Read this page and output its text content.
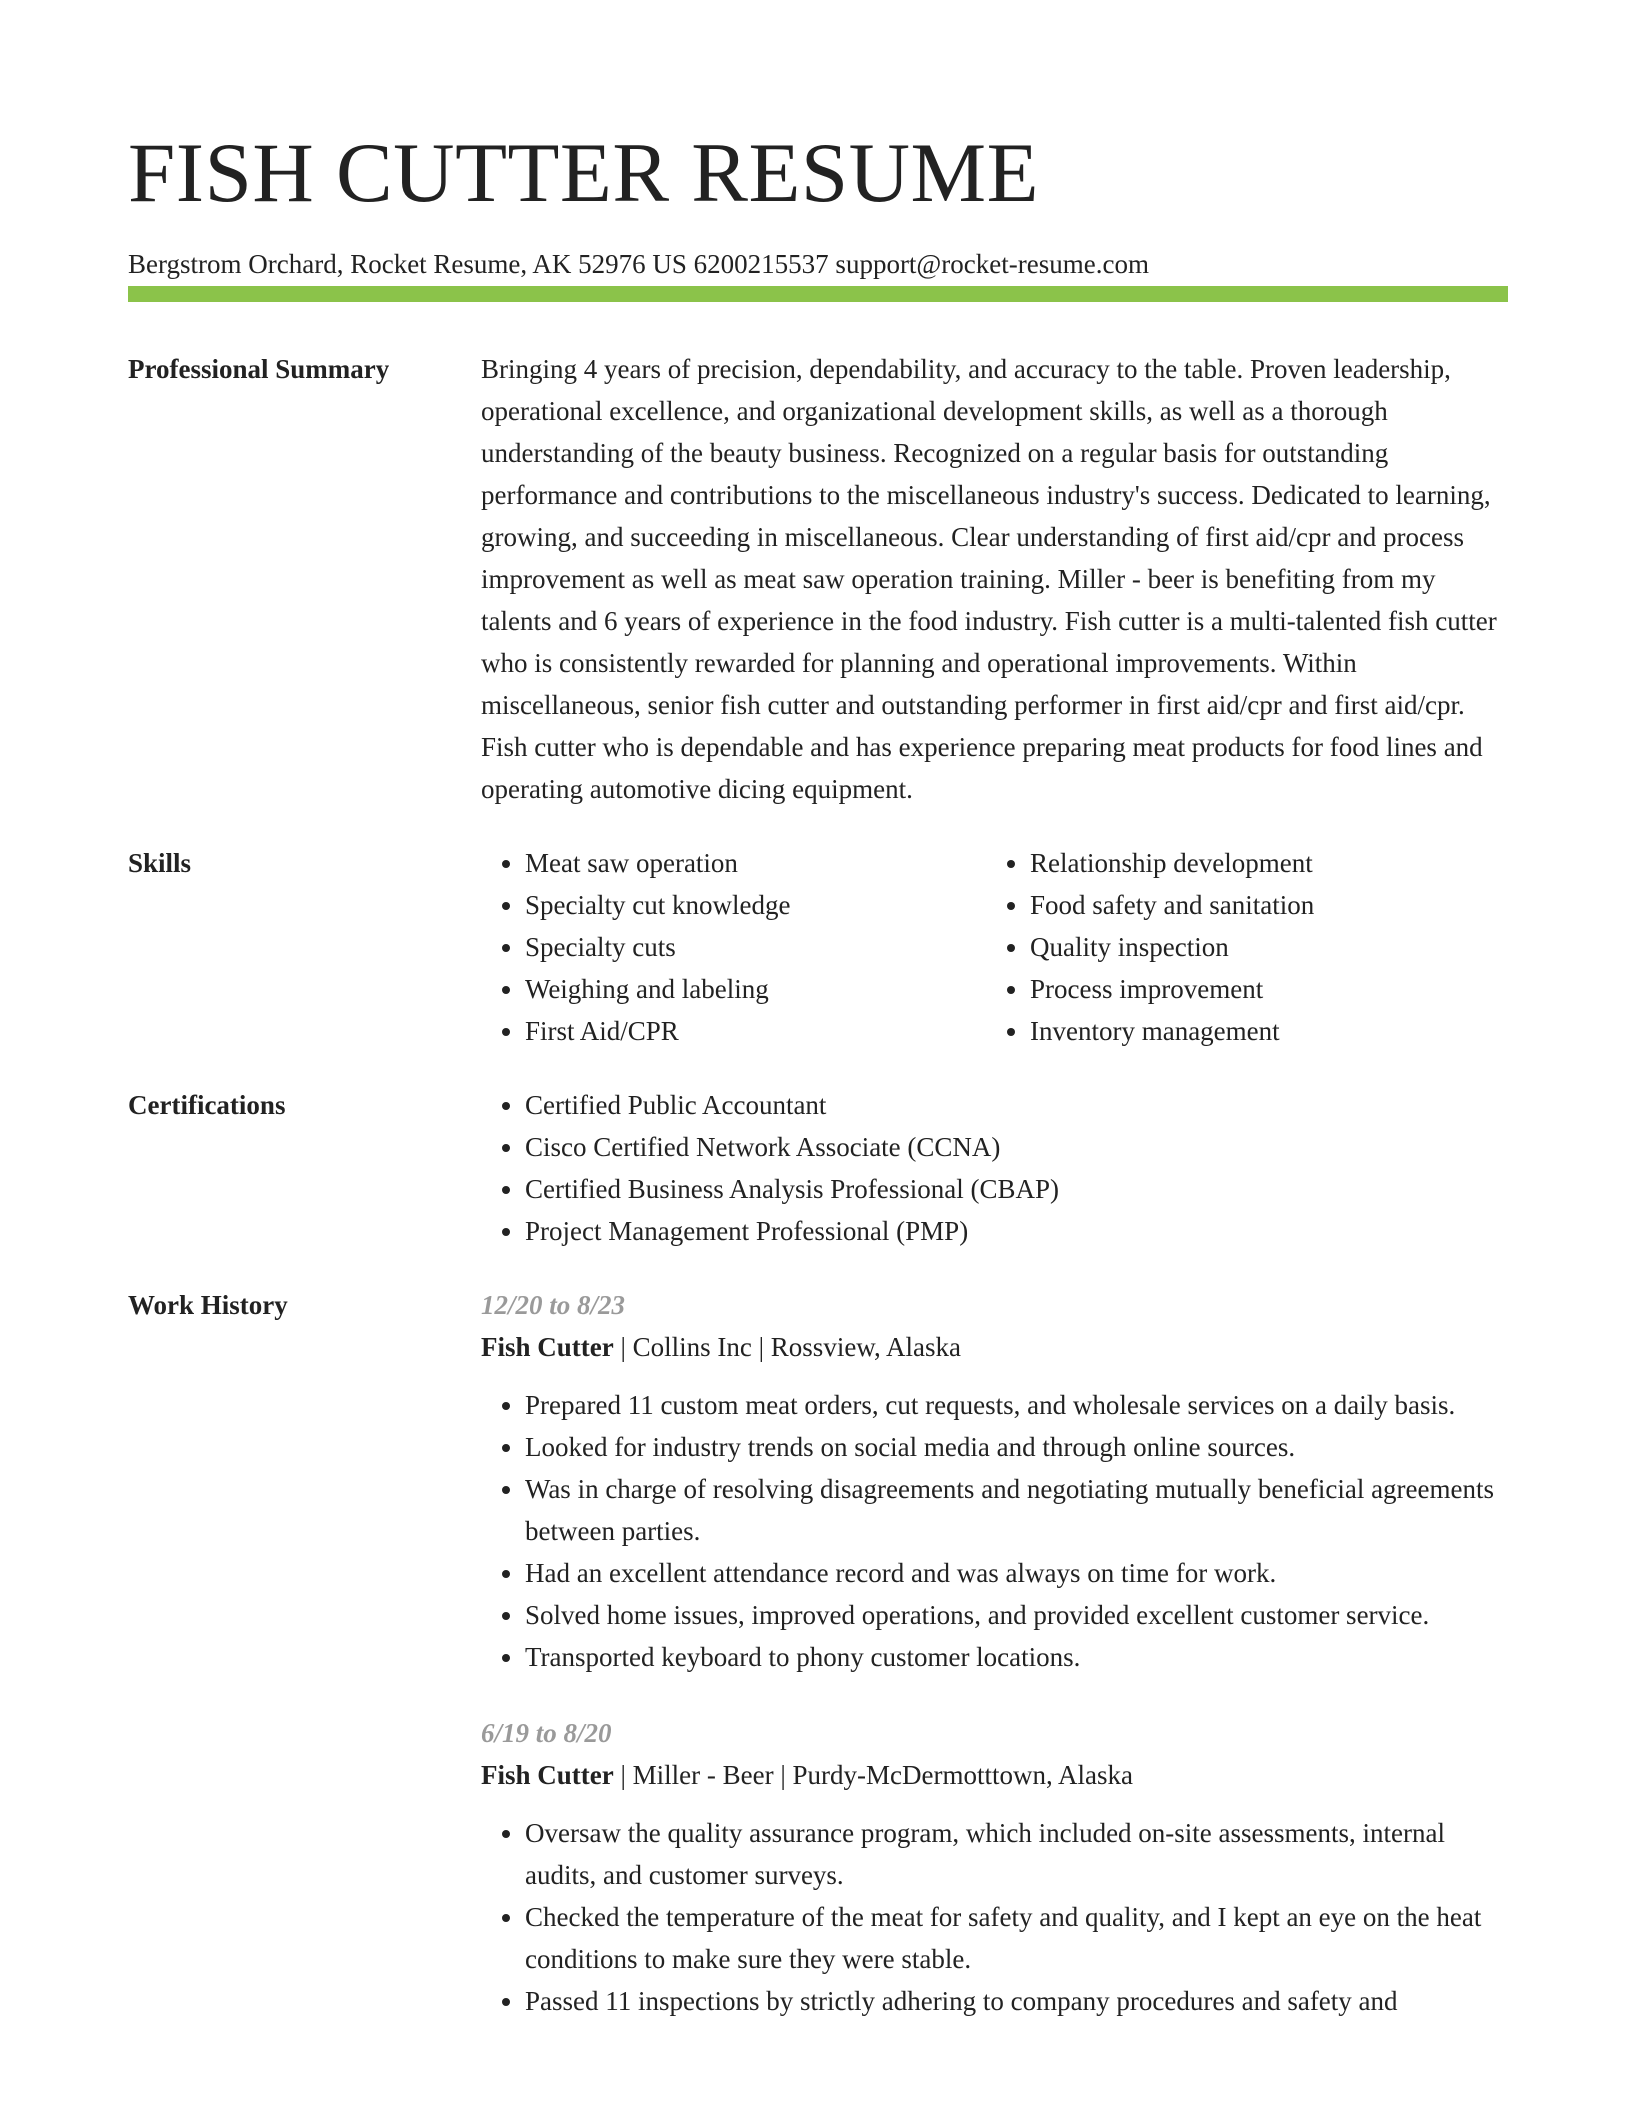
FISH CUTTER RESUME
Bergstrom Orchard, Rocket Resume, AK 52976 US 6200215537 support@rocket-resume.com
Professional Summary	Bringing 4 years of precision, dependability, and accuracy to the table. Proven leadership, operational excellence, and organizational development skills, as well as a thorough understanding of the beauty business. Recognized on a regular basis for outstanding performance and contributions to the miscellaneous industry's success. Dedicated to learning, growing, and succeeding in miscellaneous. Clear understanding of first aid/cpr and process improvement as well as meat saw operation training. Miller - beer is benefiting from my talents and 6 years of experience in the food industry. Fish cutter is a multi-talented fish cutter who is consistently rewarded for planning and operational improvements. Within miscellaneous, senior fish cutter and outstanding performer in first aid/cpr and first aid/cpr. Fish cutter who is dependable and has experience preparing meat products for food lines and operating automotive dicing equipment.

Skills	• Meat saw operation
• Specialty cut knowledge
• Specialty cuts
• Weighing and labeling
• First Aid/CPR
• Relationship development
• Food safety and sanitation
• Quality inspection
• Process improvement
• Inventory management
Certifications	• Certified Public Accountant
• Cisco Certified Network Associate (CCNA)
• Certified Business Analysis Professional (CBAP)
• Project Management Professional (PMP)
Work History	12/20 to 8/23
Fish Cutter | Collins Inc | Rossview, Alaska
• Prepared 11 custom meat orders, cut requests, and wholesale services on a daily basis.
• Looked for industry trends on social media and through online sources.
• Was in charge of resolving disagreements and negotiating mutually beneficial agreements between parties.
• Had an excellent attendance record and was always on time for work.
• Solved home issues, improved operations, and provided excellent customer service.
• Transported keyboard to phony customer locations.
6/19 to 8/20
Fish Cutter | Miller - Beer | Purdy-McDermotttown, Alaska
• Oversaw the quality assurance program, which included on-site assessments, internal audits, and customer surveys.
• Checked the temperature of the meat for safety and quality, and I kept an eye on the heat conditions to make sure they were stable.
• Passed 11 inspections by strictly adhering to company procedures and safety and
